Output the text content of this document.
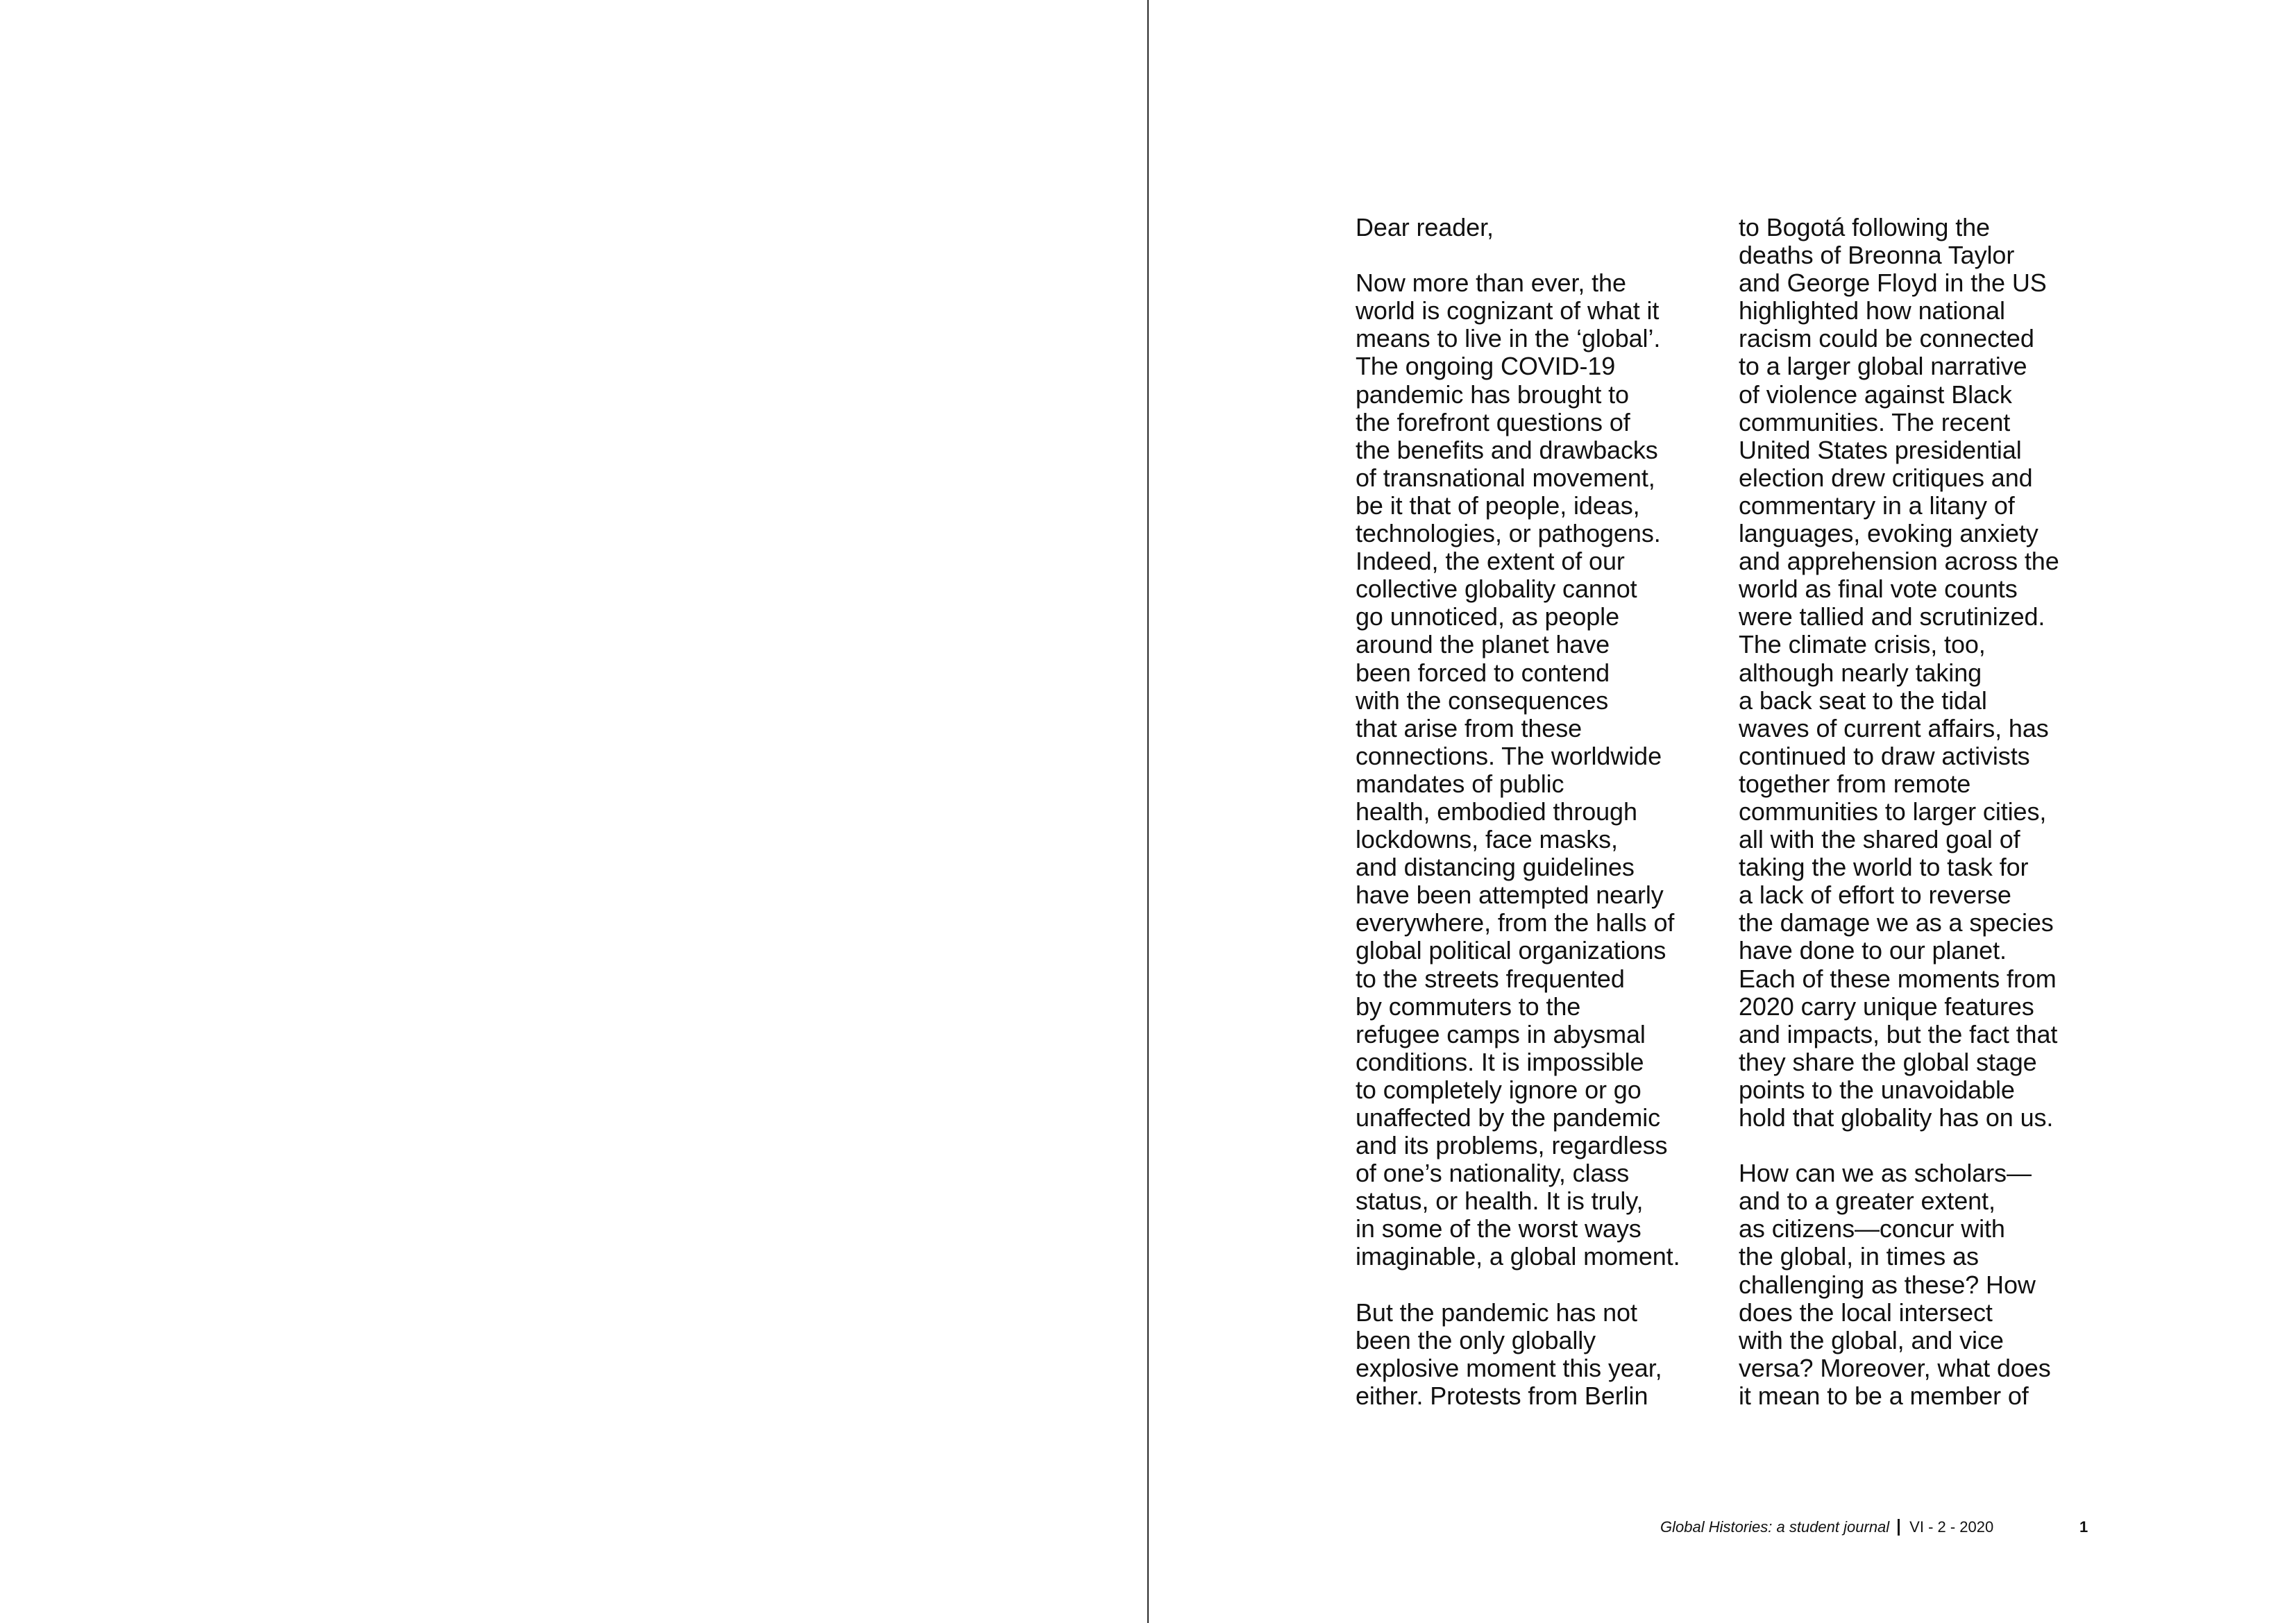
Dear reader,
Now more than ever, the
world is cognizant of what it
means to live in the ‘global’.
The ongoing COVID-19
pandemic has brought to
the forefront questions of
the benefits and drawbacks
of transnational movement,
be it that of people, ideas,
technologies, or pathogens.
Indeed, the extent of our
collective globality cannot
go unnoticed, as people
around the planet have
been forced to contend
with the consequences
that arise from these
connections. The worldwide
mandates of public
health, embodied through
lockdowns, face masks,
and distancing guidelines
have been attempted nearly
everywhere, from the halls of
global political organizations
to the streets frequented
by commuters to the
refugee camps in abysmal
conditions. It is impossible
to completely ignore or go
unaffected by the pandemic
and its problems, regardless
of one’s nationality, class
status, or health. It is truly,
in some of the worst ways
imaginable, a global moment.
But the pandemic has not
been the only globally
explosive moment this year,
either. Protests from Berlin
to Bogotá following the
deaths of Breonna Taylor
and George Floyd in the US
highlighted how national
racism could be connected
to a larger global narrative
of violence against Black
communities. The recent
United States presidential
election drew critiques and
commentary in a litany of
languages, evoking anxiety
and apprehension across the
world as final vote counts
were tallied and scrutinized.
The climate crisis, too,
although nearly taking
a back seat to the tidal
waves of current affairs, has
continued to draw activists
together from remote
communities to larger cities,
all with the shared goal of
taking the world to task for
a lack of effort to reverse
the damage we as a species
have done to our planet.
Each of these moments from
2020 carry unique features
and impacts, but the fact that
they share the global stage
points to the unavoidable
hold that globality has on us.
How can we as scholars—
and to a greater extent,
as citizens—concur with
the global, in times as
challenging as these? How
does the local intersect
with the global, and vice
versa? Moreover, what does
it mean to be a member of
Global Histories: a student journal VI - 2 - 2020	1
